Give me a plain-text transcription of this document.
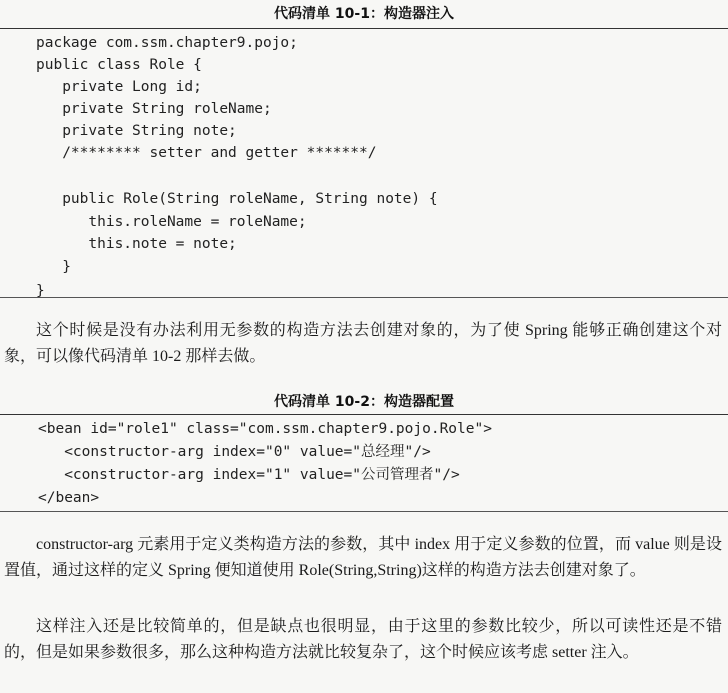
代码清单 10-1：构造器注入
package com.ssm.chapter9.pojo;
public class Role {
private Long id;
private String roleName;
private String note;
/******** setter and getter *******/
public Role(String roleName, String note) {
this.roleName = roleName;
this.note = note;
}
}

这个时候是没有办法利用无参数的构造方法去创建对象的，为了使 Spring 能够正确创建这个对象，可以像代码清单 10-2 那样去做。

代码清单 10-2：构造器配置
<bean id="role1" class="com.ssm.chapter9.pojo.Role">
<constructor-arg index="0" value="总经理"/>
<constructor-arg index="1" value="公司管理者"/>
</bean>

constructor-arg 元素用于定义类构造方法的参数，其中 index 用于定义参数的位置，而 value 则是设置值，通过这样的定义 Spring 便知道使用 Role(String,String)这样的构造方法去创建对象了。

这样注入还是比较简单的，但是缺点也很明显，由于这里的参数比较少，所以可读性还是不错的，但是如果参数很多，那么这种构造方法就比较复杂了，这个时候应该考虑 setter 注入。
